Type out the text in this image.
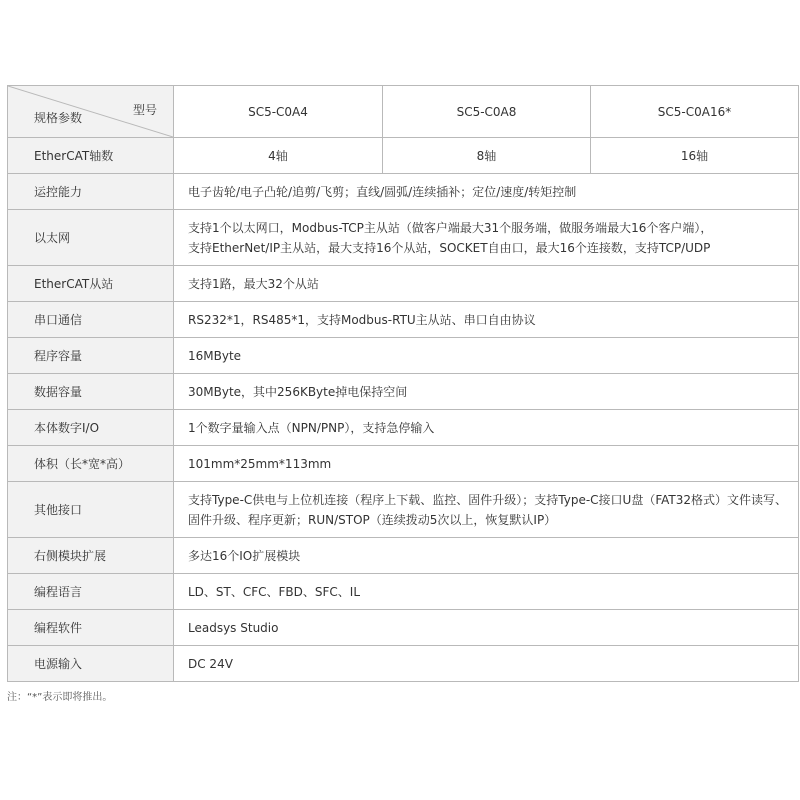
型号
规格参数	SC5-C0A4	SC5-C0A8	SC5-C0A16*
EtherCAT轴数	4轴	8轴	16轴
运控能力	电子齿轮/电子凸轮/追剪/飞剪；直线/圆弧/连续插补；定位/速度/转矩控制		
以太网	支持1个以太网口，Modbus-TCP主从站（做客户端最大31个服务端，做服务端最大16个客户端），
支持EtherNet/IP主从站，最大支持16个从站，SOCKET自由口，最大16个连接数，支持TCP/UDP		

EtherCAT从站	支持1路，最大32个从站		
串口通信	RS232*1，RS485*1，支持Modbus-RTU主从站、串口自由协议		
程序容量	16MByte		
数据容量	30MByte，其中256KByte掉电保持空间		
本体数字I/O	1个数字量输入点（NPN/PNP），支持急停输入		
体积（长*宽*高）	101mm*25mm*113mm		
其他接口	支持Type-C供电与上位机连接（程序上下载、监控、固件升级）；支持Type-C接口U盘（FAT32格式）文件读写、
固件升级、程序更新；RUN/STOP（连续拨动5次以上，恢复默认IP）		

右侧模块扩展	多达16个IO扩展模块		
编程语言	LD、ST、CFC、FBD、SFC、IL		
编程软件	Leadsys Studio		
电源输入	DC 24V		
注：“*”表示即将推出。
